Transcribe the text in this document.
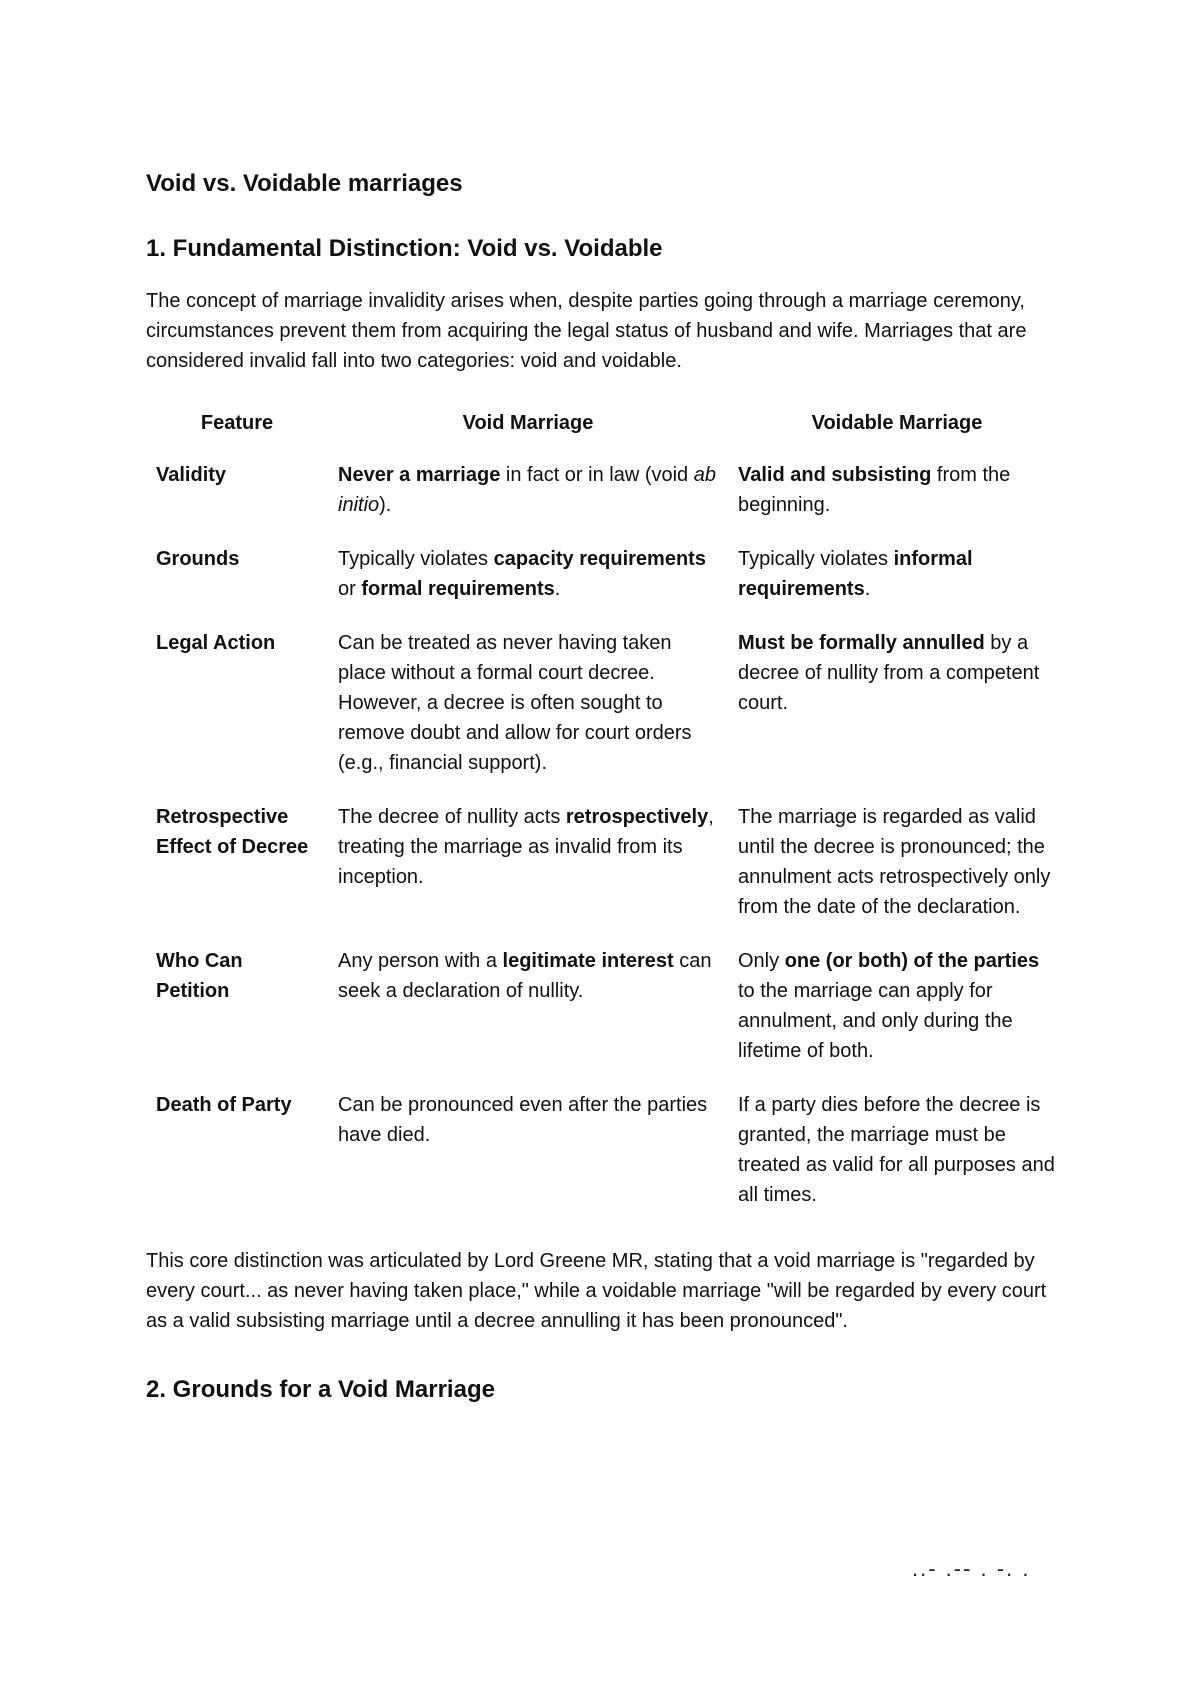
Void vs. Voidable marriages
1. Fundamental Distinction: Void vs. Voidable

The concept of marriage invalidity arises when, despite parties going through a marriage ceremony, circumstances prevent them from acquiring the legal status of husband and wife. Marriages that are considered invalid fall into two categories: void and voidable.

Feature	Void Marriage	Voidable Marriage
Validity	Never a marriage in fact or in law (void ab initio).	Valid and subsisting from the beginning.
Grounds	Typically violates capacity requirements or formal requirements.	Typically violates informal requirements.
Legal Action	Can be treated as never having taken place without a formal court decree. However, a decree is often sought to remove doubt and allow for court orders (e.g., financial support).	Must be formally annulled by a decree of nullity from a competent court.
Retrospective Effect of Decree	The decree of nullity acts retrospectively, treating the marriage as invalid from its inception.	The marriage is regarded as valid until the decree is pronounced; the annulment acts retrospectively only from the date of the declaration.
Who Can Petition	Any person with a legitimate interest can seek a declaration of nullity.	Only one (or both) of the parties to the marriage can apply for annulment, and only during the lifetime of both.
Death of Party	Can be pronounced even after the parties have died.	If a party dies before the decree is granted, the marriage must be treated as valid for all purposes and all times.

This core distinction was articulated by Lord Greene MR, stating that a void marriage is "regarded by every court... as never having taken place," while a voidable marriage "will be regarded by every court as a valid subsisting marriage until a decree annulling it has been pronounced".

2. Grounds for a Void Marriage
..- .-- . -. .
